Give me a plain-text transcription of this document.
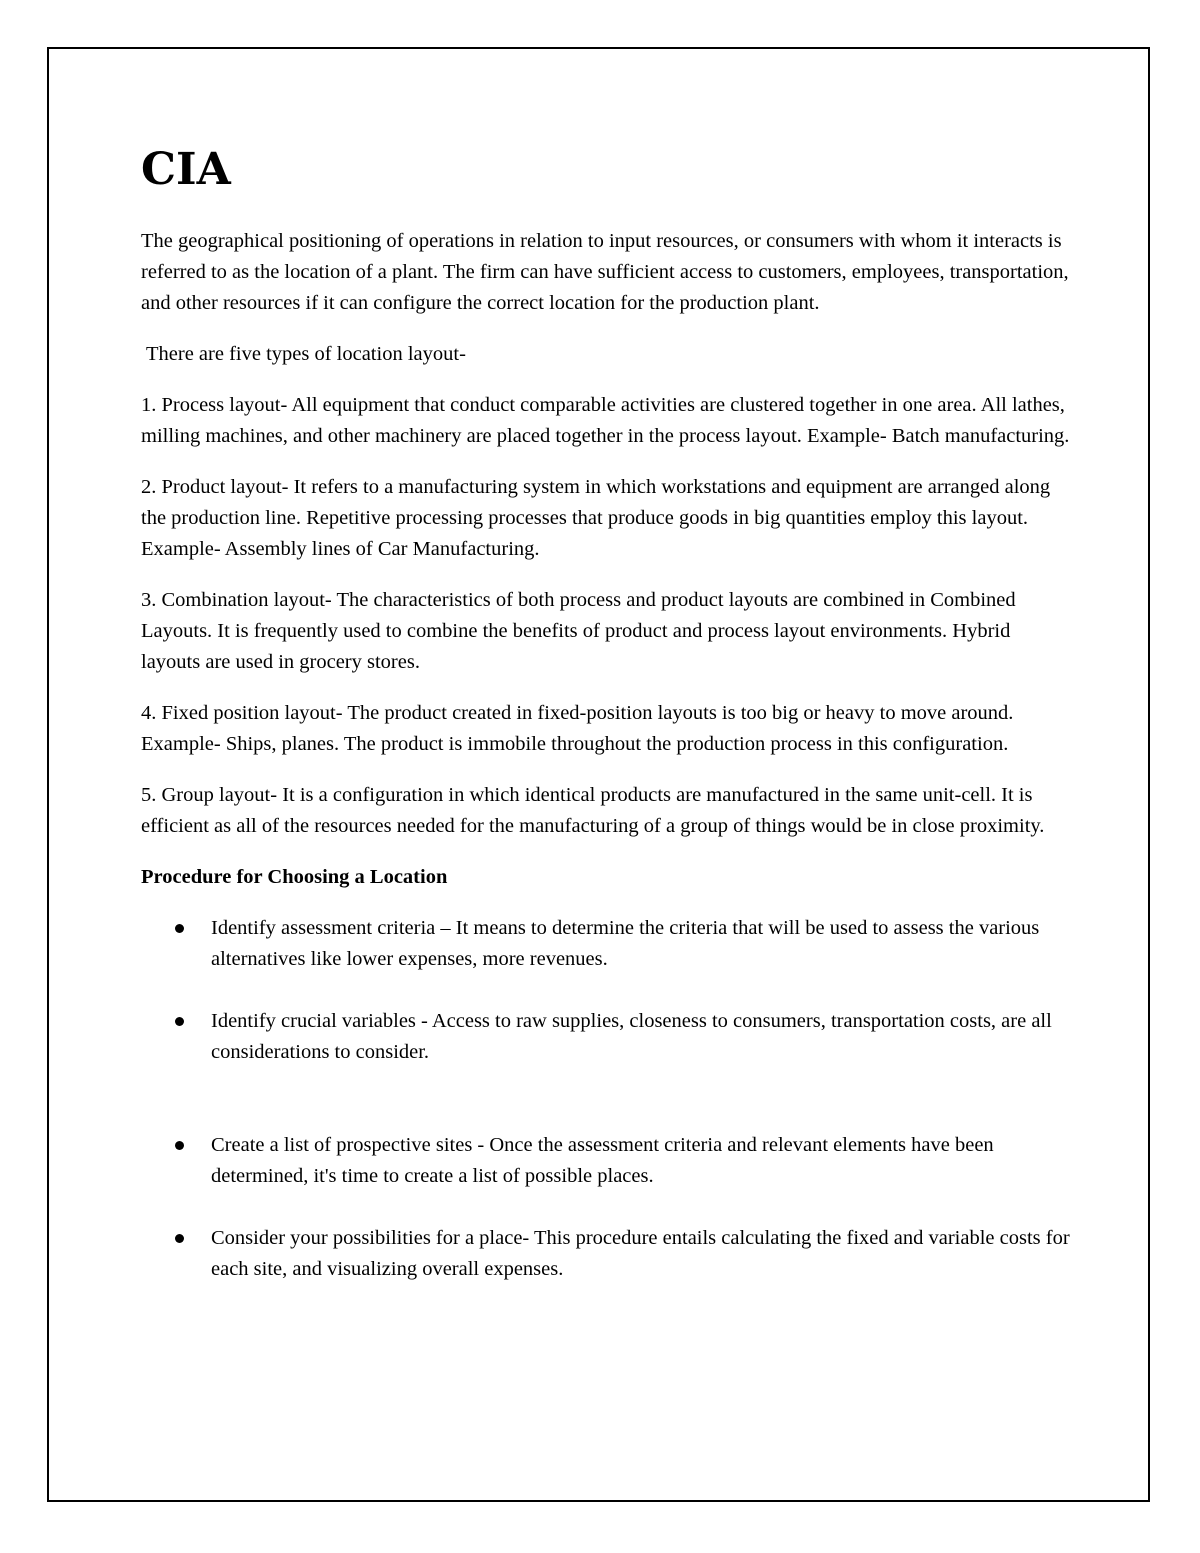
CIA

The geographical positioning of operations in relation to input resources, or consumers with whom it interacts is referred to as the location of a plant. The firm can have sufficient access to customers, employees, transportation, and other resources if it can configure the correct location for the production plant.

There are five types of location layout-

1. Process layout- All equipment that conduct comparable activities are clustered together in one area. All lathes, milling machines, and other machinery are placed together in the process layout. Example- Batch manufacturing.

2. Product layout- It refers to a manufacturing system in which workstations and equipment are arranged along the production line. Repetitive processing processes that produce goods in big quantities employ this layout. Example- Assembly lines of Car Manufacturing.

3. Combination layout- The characteristics of both process and product layouts are combined in Combined Layouts. It is frequently used to combine the benefits of product and process layout environments. Hybrid layouts are used in grocery stores.

4. Fixed position layout- The product created in fixed-position layouts is too big or heavy to move around. Example- Ships, planes. The product is immobile throughout the production process in this configuration.

5. Group layout- It is a configuration in which identical products are manufactured in the same unit-cell. It is efficient as all of the resources needed for the manufacturing of a group of things would be in close proximity.

Procedure for Choosing a Location
Identify assessment criteria – It means to determine the criteria that will be used to assess the various alternatives like lower expenses, more revenues.
Identify crucial variables - Access to raw supplies, closeness to consumers, transportation costs, are all considerations to consider.
Create a list of prospective sites - Once the assessment criteria and relevant elements have been determined, it's time to create a list of possible places.
Consider your possibilities for a place- This procedure entails calculating the fixed and variable costs for each site, and visualizing overall expenses.
